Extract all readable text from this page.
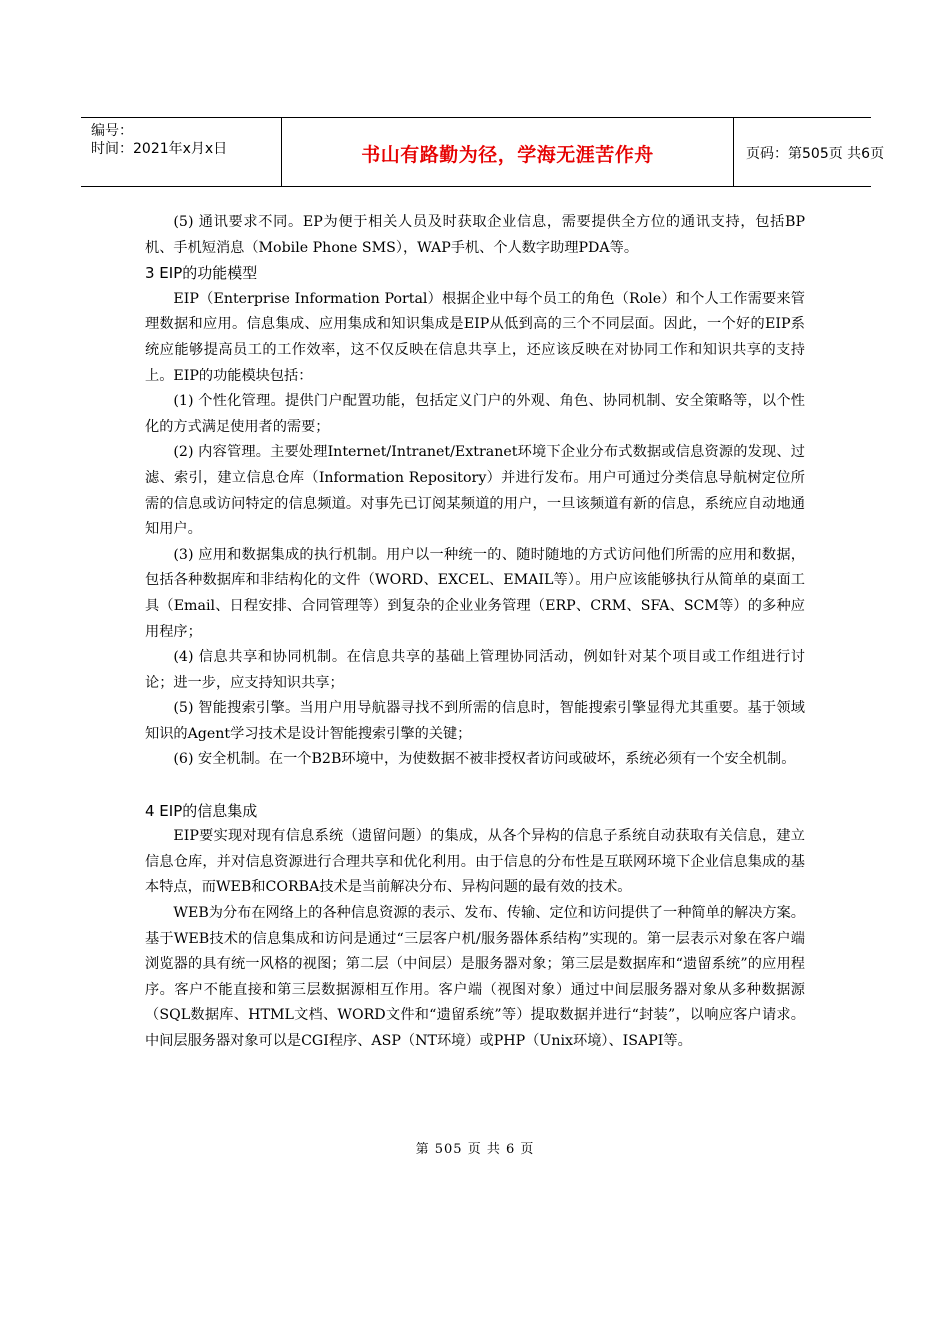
编号：
时间：2021年x月x日	书山有路勤为径，学海无涯苦作舟	页码：第505页 共6页

(5) 通讯要求不同。EP为便于相关人员及时获取企业信息，需要提供全方位的通讯支持，包括BP机、手机短消息（Mobile Phone SMS），WAP手机、个人数字助理PDA等。

3 EIP的功能模型

EIP（Enterprise Information Portal）根据企业中每个员工的角色（Role）和个人工作需要来管理数据和应用。信息集成、应用集成和知识集成是EIP从低到高的三个不同层面。因此，一个好的EIP系统应能够提高员工的工作效率，这不仅反映在信息共享上，还应该反映在对协同工作和知识共享的支持上。EIP的功能模块包括：

(1) 个性化管理。提供门户配置功能，包括定义门户的外观、角色、协同机制、安全策略等，以个性化的方式满足使用者的需要；

(2) 内容管理。主要处理Internet/Intranet/Extranet环境下企业分布式数据或信息资源的发现、过滤、索引，建立信息仓库（Information Repository）并进行发布。用户可通过分类信息导航树定位所需的信息或访问特定的信息频道。对事先已订阅某频道的用户，一旦该频道有新的信息，系统应自动地通知用户。

(3) 应用和数据集成的执行机制。用户以一种统一的、随时随地的方式访问他们所需的应用和数据，包括各种数据库和非结构化的文件（WORD、EXCEL、EMAIL等）。用户应该能够执行从简单的桌面工具（Email、日程安排、合同管理等）到复杂的企业业务管理（ERP、CRM、SFA、SCM等）的多种应用程序；

(4) 信息共享和协同机制。在信息共享的基础上管理协同活动，例如针对某个项目或工作组进行讨论；进一步，应支持知识共享；

(5) 智能搜索引擎。当用户用导航器寻找不到所需的信息时，智能搜索引擎显得尤其重要。基于领域知识的Agent学习技术是设计智能搜索引擎的关键；

(6) 安全机制。在一个B2B环境中，为使数据不被非授权者访问或破坏，系统必须有一个安全机制。

4 EIP的信息集成

EIP要实现对现有信息系统（遗留问题）的集成，从各个异构的信息子系统自动获取有关信息，建立信息仓库，并对信息资源进行合理共享和优化利用。由于信息的分布性是互联网环境下企业信息集成的基本特点，而WEB和CORBA技术是当前解决分布、异构问题的最有效的技术。

WEB为分布在网络上的各种信息资源的表示、发布、传输、定位和访问提供了一种简单的解决方案。基于WEB技术的信息集成和访问是通过“三层客户机/服务器体系结构”实现的。第一层表示对象在客户端浏览器的具有统一风格的视图；第二层（中间层）是服务器对象；第三层是数据库和“遗留系统”的应用程序。客户不能直接和第三层数据源相互作用。客户端（视图对象）通过中间层服务器对象从多种数据源（SQL数据库、HTML文档、WORD文件和“遗留系统”等）提取数据并进行“封装”，以响应客户请求。中间层服务器对象可以是CGI程序、ASP（NT环境）或PHP（Unix环境）、ISAPI等。

第 505 页 共 6 页
